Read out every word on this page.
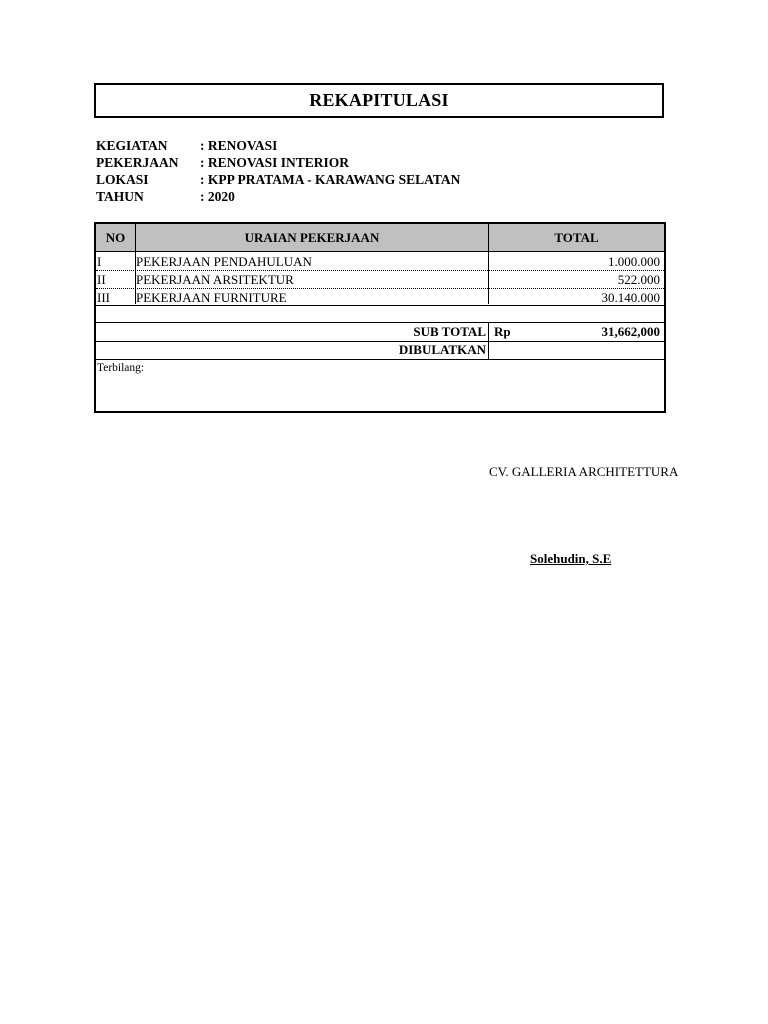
REKAPITULASI
KEGIATAN	: RENOVASI
PEKERJAAN	: RENOVASI INTERIOR
LOKASI	: KPP PRATAMA - KARAWANG SELATAN
TAHUN	: 2020
NO	URAIAN PEKERJAAN	TOTAL
I	PEKERJAAN PENDAHULUAN	1.000.000
II PEKERJAAN ARSITEKTUR	522.000
III PEKERJAAN FURNITURE	30.140.000
SUB TOTAL Rp	31,662,000
DIBULATKAN
Terbilang:
CV. GALLERIA ARCHITETTURA
Solehudin, S.E
